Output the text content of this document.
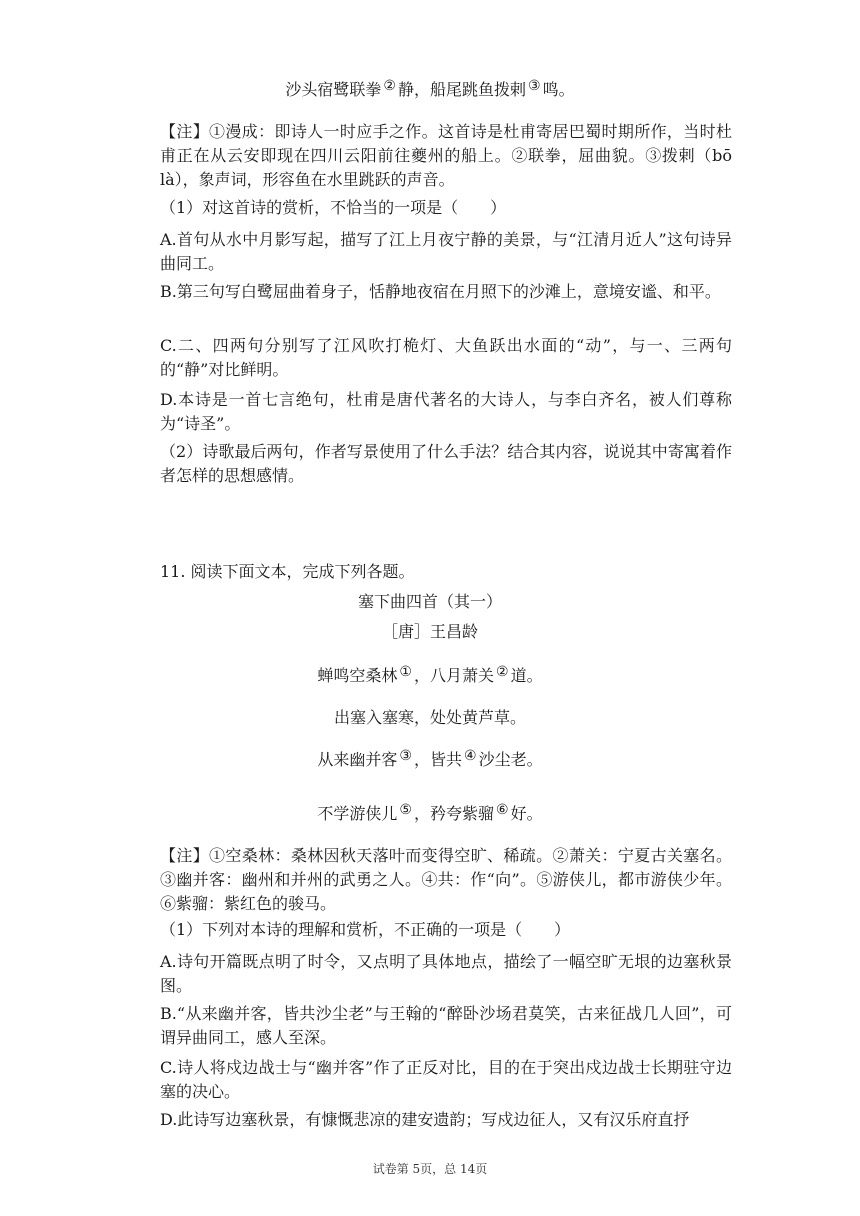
沙头宿鹭联拳 ② 静，船尾跳鱼拨剌 ③ 鸣。
【注】①漫成：即诗人一时应手之作。这首诗是杜甫寄居巴蜀时期所作，当时杜甫正在从云安即现在四川云阳前往夔州的船上。②联拳，屈曲貌。③拨剌（bō là），象声词，形容鱼在水里跳跃的声音。
（1）对这首诗的赏析，不恰当的一项是（　　）
A.首句从水中月影写起，描写了江上月夜宁静的美景，与“江清月近人”这句诗异曲同工。
B.第三句写白鹭屈曲着身子，恬静地夜宿在月照下的沙滩上，意境安谧、和平。
C.二、四两句分别写了江风吹打桅灯、大鱼跃出水面的“动”，与一、三两句的“静”对比鲜明。
D.本诗是一首七言绝句，杜甫是唐代著名的大诗人，与李白齐名，被人们尊称为“诗圣”。
（2）诗歌最后两句，作者写景使用了什么手法？结合其内容，说说其中寄寓着作者怎样的思想感情。
11. 阅读下面文本，完成下列各题。
塞下曲四首（其一）
［唐］王昌龄
蝉鸣空桑林 ① ，八月萧关 ② 道。
出塞入塞寒，处处黄芦草。
从来幽并客 ③ ，皆共 ④ 沙尘老。
不学游侠儿 ⑤ ，矜夸紫骝 ⑥ 好。
【注】①空桑林：桑林因秋天落叶而变得空旷、稀疏。②萧关：宁夏古关塞名。③幽并客：幽州和并州的武勇之人。④共：作“向”。⑤游侠儿，都市游侠少年。⑥紫骝：紫红色的骏马。
（1）下列对本诗的理解和赏析，不正确的一项是（　　）
A.诗句开篇既点明了时令，又点明了具体地点，描绘了一幅空旷无垠的边塞秋景图。
B.“从来幽并客，皆共沙尘老”与王翰的“醉卧沙场君莫笑，古来征战几人回”，可谓异曲同工，感人至深。
C.诗人将戍边战士与“幽并客”作了正反对比，目的在于突出戍边战士长期驻守边塞的决心。
D.此诗写边塞秋景，有慷慨悲凉的建安遗韵；写戍边征人，又有汉乐府直抒
试卷第 5页，总 14页
